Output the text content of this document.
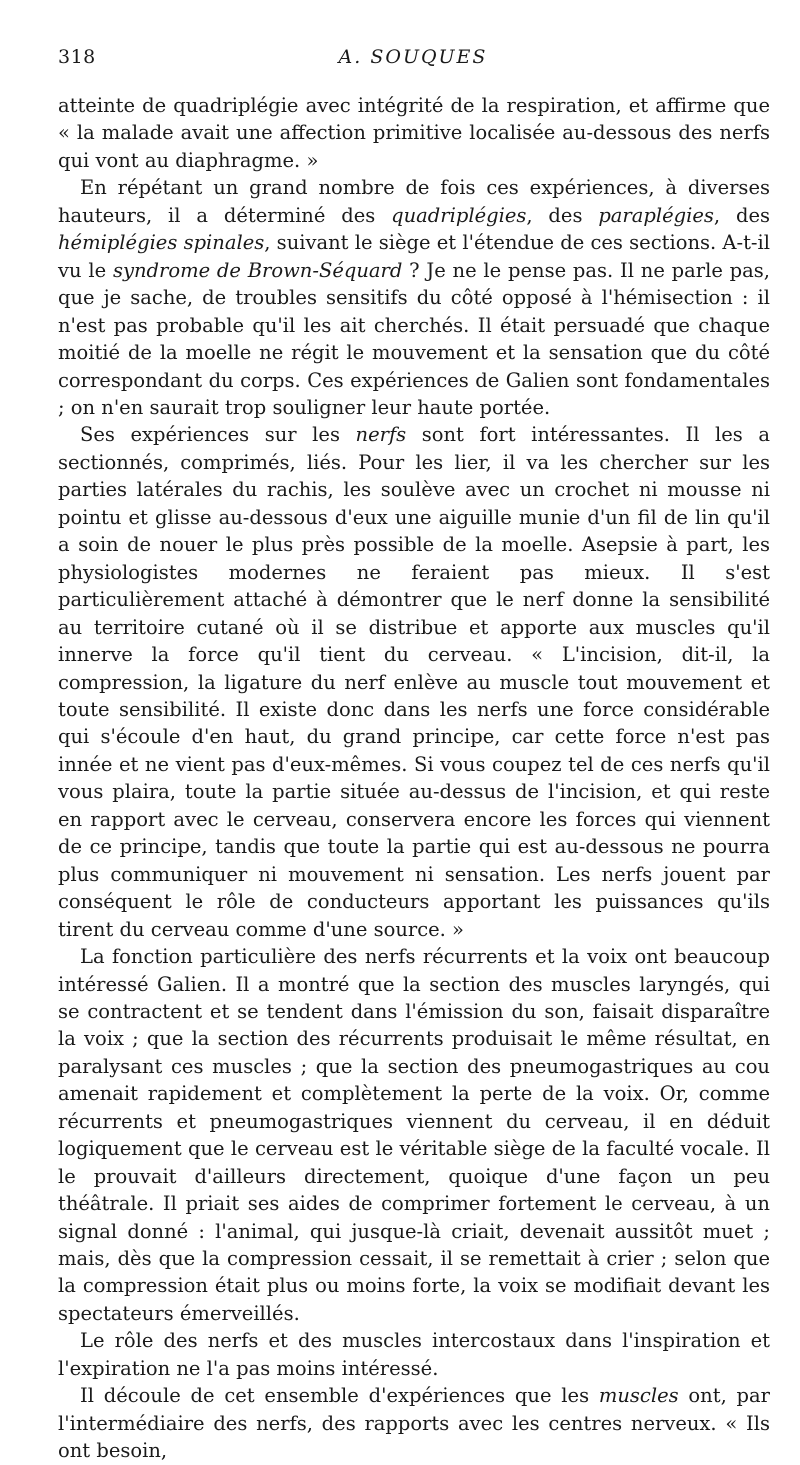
318	A. SOUQUES

atteinte de quadriplégie avec intégrité de la respiration, et affirme que « la malade avait une affection primitive localisée au-dessous des nerfs qui vont au diaphragme. »

En répétant un grand nombre de fois ces expériences, à diverses hauteurs, il a déterminé des quadriplégies, des paraplégies, des hémiplégies spinales, suivant le siège et l'étendue de ces sections. A-t-il vu le syndrome de Brown-Séquard ? Je ne le pense pas. Il ne parle pas, que je sache, de troubles sensitifs du côté opposé à l'hémisection : il n'est pas probable qu'il les ait cherchés. Il était persuadé que chaque moitié de la moelle ne régit le mouvement et la sensation que du côté correspondant du corps. Ces expériences de Galien sont fondamentales ; on n'en saurait trop souligner leur haute portée.

Ses expériences sur les nerfs sont fort intéressantes. Il les a sectionnés, comprimés, liés. Pour les lier, il va les chercher sur les parties latérales du rachis, les soulève avec un crochet ni mousse ni pointu et glisse au-dessous d'eux une aiguille munie d'un fil de lin qu'il a soin de nouer le plus près possible de la moelle. Asepsie à part, les physiologistes modernes ne feraient pas mieux. Il s'est particulièrement attaché à démontrer que le nerf donne la sensibilité au territoire cutané où il se distribue et apporte aux muscles qu'il innerve la force qu'il tient du cerveau. « L'incision, dit-il, la compression, la ligature du nerf enlève au muscle tout mouvement et toute sensibilité. Il existe donc dans les nerfs une force considérable qui s'écoule d'en haut, du grand principe, car cette force n'est pas innée et ne vient pas d'eux-mêmes. Si vous coupez tel de ces nerfs qu'il vous plaira, toute la partie située au-dessus de l'incision, et qui reste en rapport avec le cerveau, conservera encore les forces qui viennent de ce principe, tandis que toute la partie qui est au-dessous ne pourra plus communiquer ni mouvement ni sensation. Les nerfs jouent par conséquent le rôle de conducteurs apportant les puissances qu'ils tirent du cerveau comme d'une source. »

La fonction particulière des nerfs récurrents et la voix ont beaucoup intéressé Galien. Il a montré que la section des muscles laryngés, qui se contractent et se tendent dans l'émission du son, faisait disparaître la voix ; que la section des récurrents produisait le même résultat, en paralysant ces muscles ; que la section des pneumogastriques au cou amenait rapidement et complètement la perte de la voix. Or, comme récurrents et pneumogastriques viennent du cerveau, il en déduit logiquement que le cerveau est le véritable siège de la faculté vocale. Il le prouvait d'ailleurs directement, quoique d'une façon un peu théâtrale. Il priait ses aides de comprimer fortement le cerveau, à un signal donné : l'animal, qui jusque-là criait, devenait aussitôt muet ; mais, dès que la compression cessait, il se remettait à crier ; selon que la compression était plus ou moins forte, la voix se modifiait devant les spectateurs émerveillés.

Le rôle des nerfs et des muscles intercostaux dans l'inspiration et l'expiration ne l'a pas moins intéressé.

Il découle de cet ensemble d'expériences que les muscles ont, par l'intermédiaire des nerfs, des rapports avec les centres nerveux. « Ils ont besoin,
